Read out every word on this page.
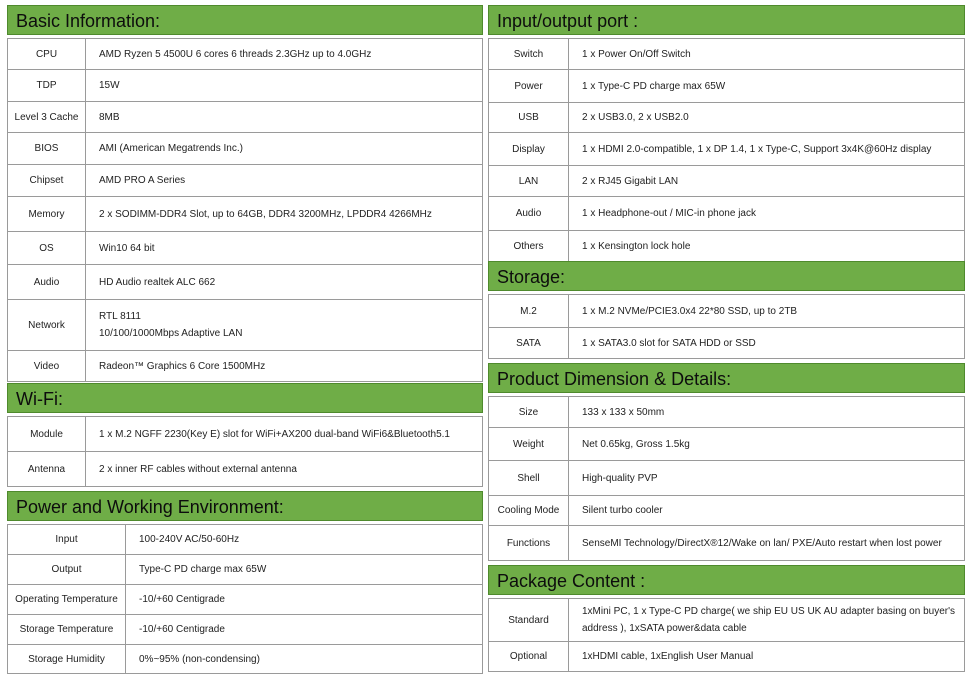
Basic Information:
CPU	AMD Ryzen 5 4500U 6 cores 6 threads 2.3GHz up to 4.0GHz
TDP	15W
Level 3 Cache	8MB
BIOS	AMI (American Megatrends Inc.)
Chipset	AMD PRO A Series
Memory	2 x SODIMM-DDR4 Slot, up to 64GB, DDR4 3200MHz, LPDDR4 4266MHz
OS	Win10 64 bit
Audio	HD Audio realtek ALC 662
Network	RTL 8111
10/100/1000Mbps Adaptive LAN

Video	Radeon™ Graphics 6 Core 1500MHz
Wi-Fi:
Module	1 x M.2 NGFF 2230(Key E) slot for WiFi+AX200 dual-band WiFi6&Bluetooth5.1
Antenna	2 x inner RF cables without external antenna
Power and Working Environment:
Input	100-240V AC/50-60Hz
Output	Type-C PD charge max 65W
Operating Temperature	-10/+60 Centigrade
Storage Temperature	-10/+60 Centigrade
Storage Humidity	0%~95% (non-condensing)
Input/output port :
Switch	1 x Power On/Off Switch
Power	1 x Type-C PD charge max 65W
USB	2 x USB3.0, 2 x USB2.0
Display	1 x HDMI 2.0-compatible, 1 x DP 1.4, 1 x Type-C, Support 3x4K@60Hz display
LAN	2 x RJ45 Gigabit LAN
Audio	1 x Headphone-out / MIC-in phone jack
Others	1 x Kensington lock hole
Storage:
M.2	1 x M.2 NVMe/PCIE3.0x4 22*80 SSD, up to 2TB
SATA	1 x SATA3.0 slot for SATA HDD or SSD
Product Dimension & Details:
Size	133 x 133 x 50mm
Weight	Net 0.65kg, Gross 1.5kg
Shell	High-quality PVP
Cooling Mode	Silent turbo cooler
Functions	SenseMI Technology/DirectX®12/Wake on lan/ PXE/Auto restart when lost power
Package Content :
Standard	1xMini PC, 1 x Type-C PD charge( we ship EU US UK AU adapter basing on buyer's address ), 1xSATA power&data cable
Optional	1xHDMI cable, 1xEnglish User Manual
